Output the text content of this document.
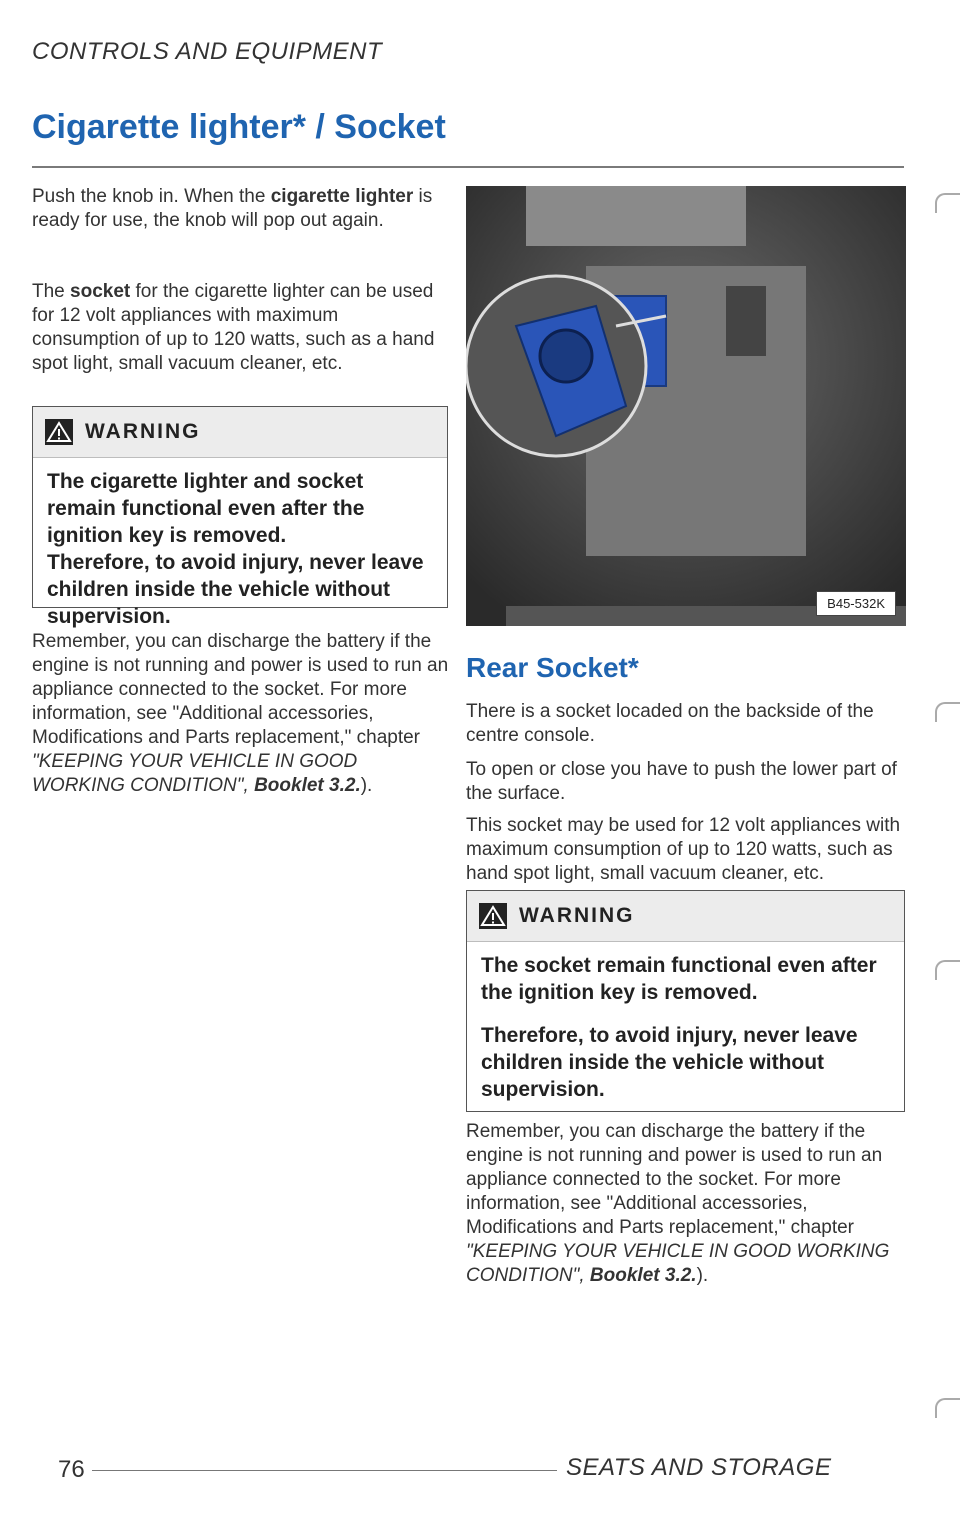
CONTROLS AND EQUIPMENT
Cigarette lighter* / Socket

Push the knob in. When the cigarette lighter is ready for use, the knob will pop out again.

The socket for the cigarette lighter can be used for 12 volt appliances with maximum consumption of up to 120 watts, such as a hand spot light, small vacuum cleaner, etc.

WARNING

The cigarette lighter and socket remain functional even after the ignition key is removed.

Therefore, to avoid injury, never leave children inside the vehicle without supervision.

Remember, you can discharge the battery if the engine is not running and power is used to run an appliance connected to the socket. For more information, see "Additional accessories, Modifications and Parts replacement," chapter "KEEPING YOUR VEHICLE IN GOOD WORKING CONDITION", Booklet 3.2.).

B45-532K
Rear Socket*

There is a socket locaded on the backside of the centre console.

To open or close you have to push the lower part of the surface.

This socket may be used for 12 volt appliances with maximum consumption of up to 120 watts, such as hand spot light, small vacuum cleaner, etc.

WARNING

The socket remain functional even after the ignition key is removed.

Therefore, to avoid injury, never leave children inside the vehicle without supervision.

Remember, you can discharge the battery if the engine is not running and power is used to run an appliance connected to the socket. For more information, see "Additional accessories, Modifications and Parts replacement," chapter "KEEPING YOUR VEHICLE IN GOOD WORKING CONDITION", Booklet 3.2.).

76	SEATS AND STORAGE
